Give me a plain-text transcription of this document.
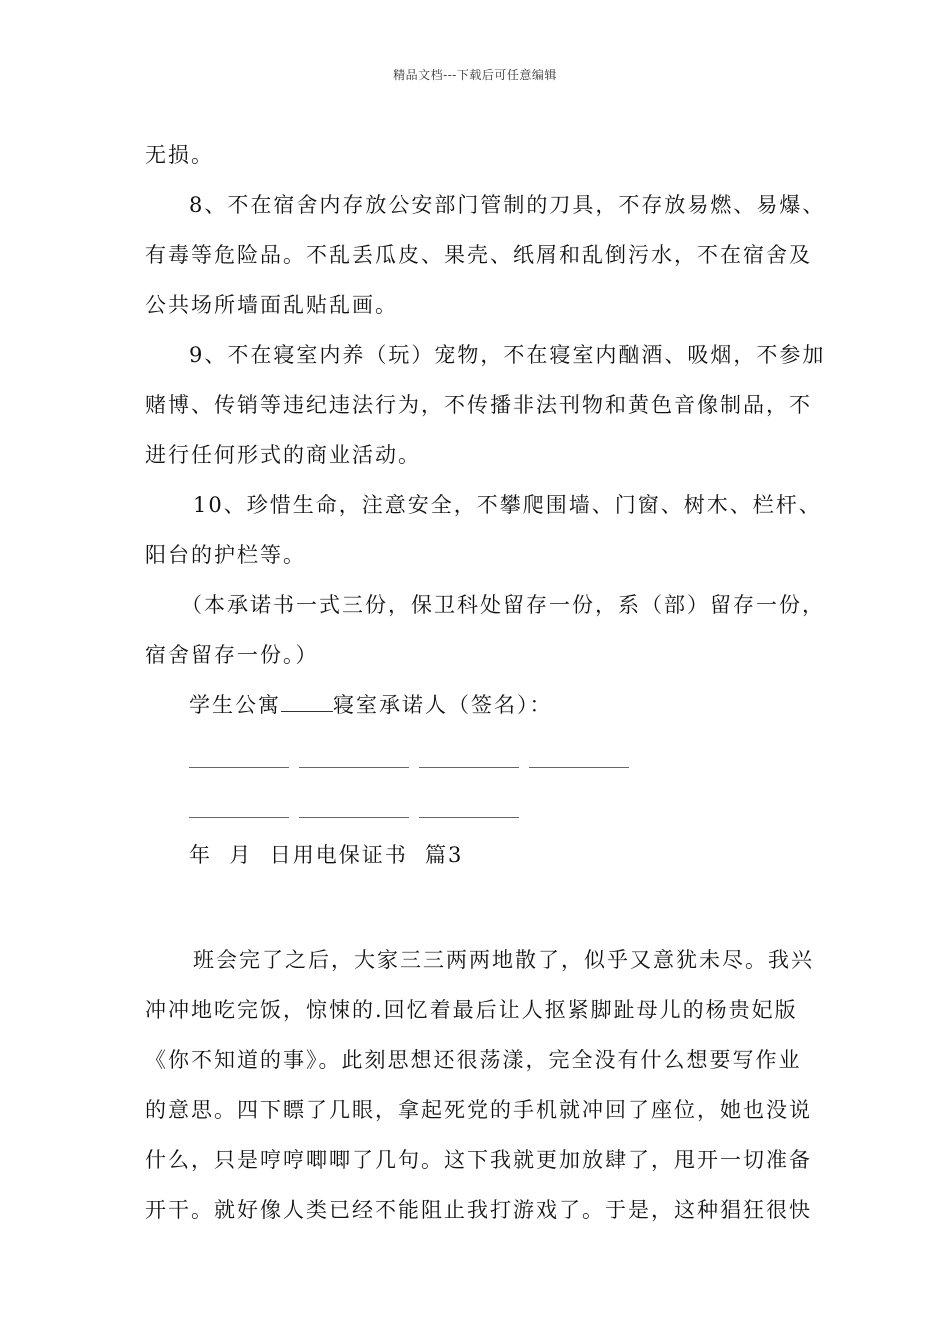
精品文档---下载后可任意编辑
无损。
8、不在宿舍内存放公安部门管制的刀具，不存放易燃、易爆、
有毒等危险品。不乱丢瓜皮、果壳、纸屑和乱倒污水，不在宿舍及
公共场所墙面乱贴乱画。
9、不在寝室内养（玩）宠物，不在寝室内酗酒、吸烟，不参加
赌博、传销等违纪违法行为，不传播非法刊物和黄色音像制品，不
进行任何形式的商业活动。
10、珍惜生命，注意安全，不攀爬围墙、门窗、树木、栏杆、
阳台的护栏等。
（本承诺书一式三份，保卫科处留存一份，系（部）留存一份，
宿舍留存一份。）
学生公寓 寝室承诺人（签名）：
年  月  日用电保证书  篇3
班会完了之后，大家三三两两地散了，似乎又意犹未尽。我兴
冲冲地吃完饭，惊悚的.回忆着最后让人抠紧脚趾母儿的杨贵妃版
《你不知道的事》。此刻思想还很荡漾，完全没有什么想要写作业
的意思。四下瞟了几眼，拿起死党的手机就冲回了座位，她也没说
什么，只是哼哼唧唧了几句。这下我就更加放肆了，甩开一切准备
开干。就好像人类已经不能阻止我打游戏了。于是，这种猖狂很快
